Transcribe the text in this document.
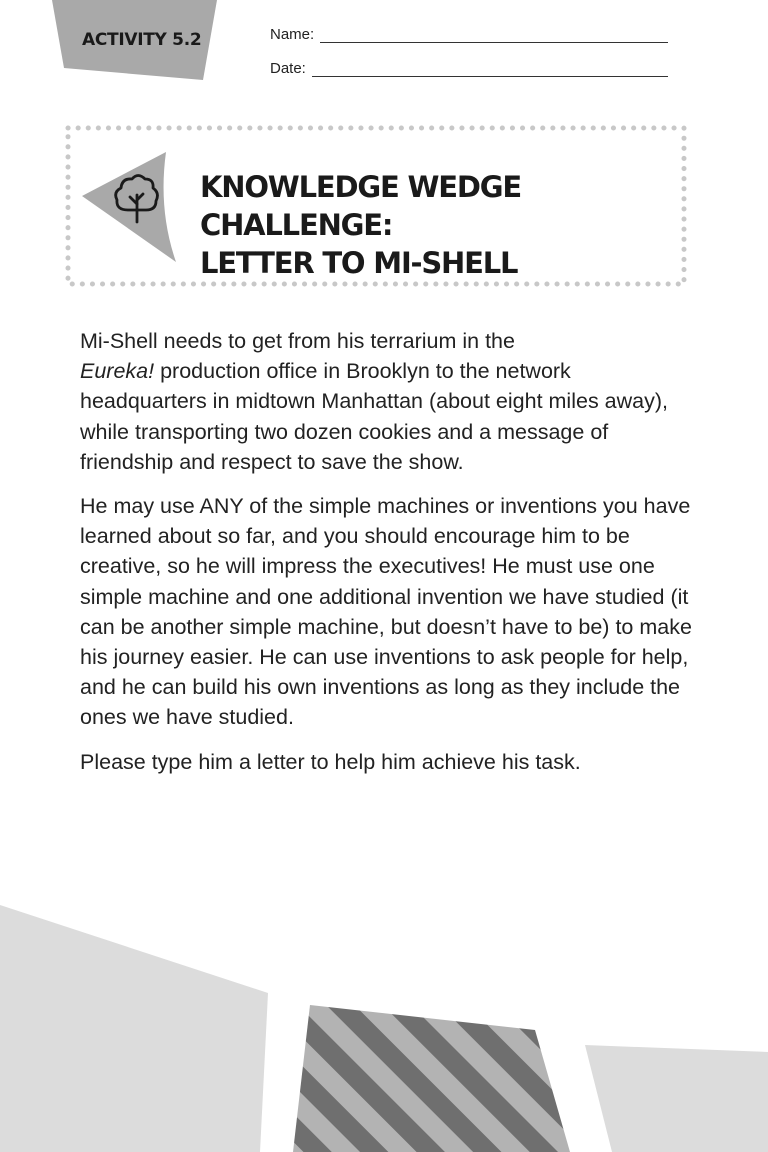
ACTIVITY 5.2	Name:
Date:
KNOWLEDGE WEDGE CHALLENGE:
LETTER TO MI-SHELL

Mi-Shell needs to get from his terrarium in the
Eureka! production office in Brooklyn to the network headquarters in midtown Manhattan (about eight miles away), while transporting two dozen cookies and a message of friendship and respect to save the show.

He may use ANY of the simple machines or inventions you have learned about so far, and you should encourage him to be creative, so he will impress the executives! He must use one simple machine and one additional invention we have studied (it can be another simple machine, but doesn’t have to be) to make his journey easier. He can use inventions to ask people for help, and he can build his own inventions as long as they include the ones we have studied.

Please type him a letter to help him achieve his task.
